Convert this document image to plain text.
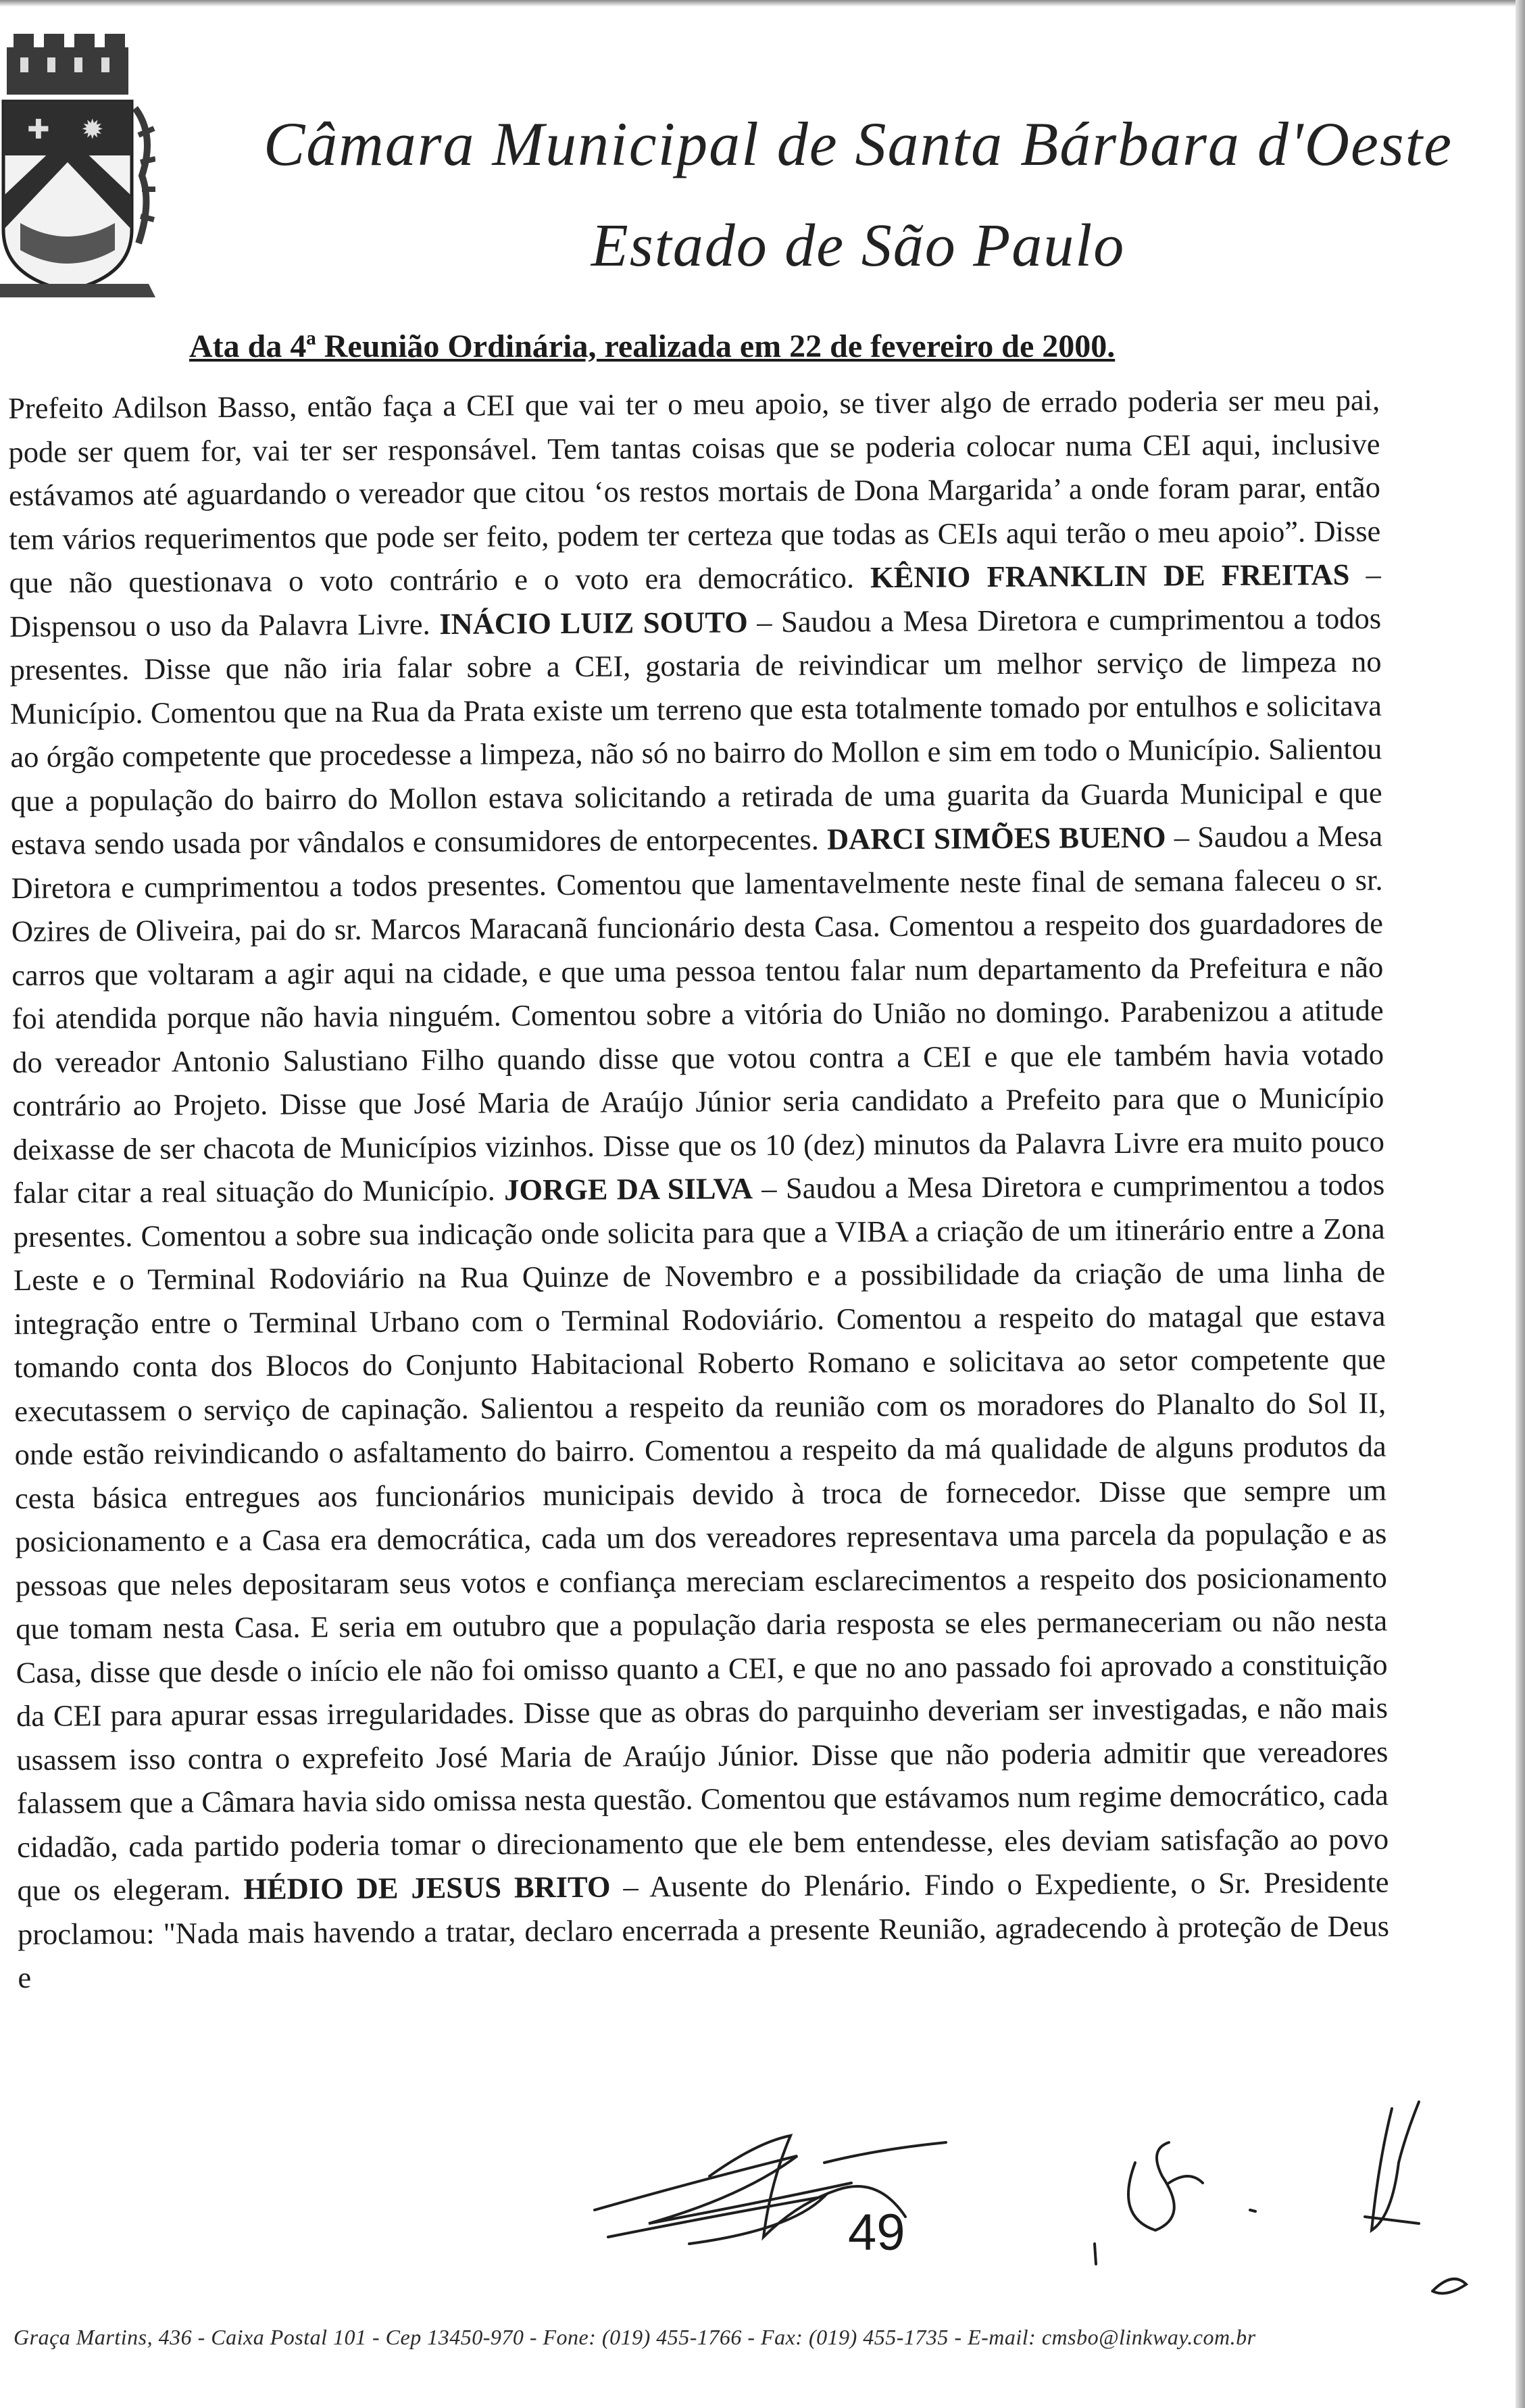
✚ ✹	Câmara Municipal de Santa Bárbara d'Oeste
Estado de São Paulo
Ata da 4ª Reunião Ordinária, realizada em 22 de fevereiro de 2000.

Prefeito Adilson Basso, então faça a CEI que vai ter o meu apoio, se tiver algo de errado poderia ser meu pai, pode ser quem for, vai ter ser responsável. Tem tantas coisas que se poderia colocar numa CEI aqui, inclusive estávamos até aguardando o vereador que citou ‘os restos mortais de Dona Margarida’ a onde foram parar, então tem vários requerimentos que pode ser feito, podem ter certeza que todas as CEIs aqui terão o meu apoio”. Disse que não questionava o voto contrário e o voto era democrático. KÊNIO FRANKLIN DE FREITAS – Dispensou o uso da Palavra Livre. INÁCIO LUIZ SOUTO – Saudou a Mesa Diretora e cumprimentou a todos presentes. Disse que não iria falar sobre a CEI, gostaria de reivindicar um melhor serviço de limpeza no Município. Comentou que na Rua da Prata existe um terreno que esta totalmente tomado por entulhos e solicitava ao órgão competente que procedesse a limpeza, não só no bairro do Mollon e sim em todo o Município. Salientou que a população do bairro do Mollon estava solicitando a retirada de uma guarita da Guarda Municipal e que estava sendo usada por vândalos e consumidores de entorpecentes. DARCI SIMÕES BUENO – Saudou a Mesa Diretora e cumprimentou a todos presentes. Comentou que lamentavelmente neste final de semana faleceu o sr. Ozires de Oliveira, pai do sr. Marcos Maracanã funcionário desta Casa. Comentou a respeito dos guardadores de carros que voltaram a agir aqui na cidade, e que uma pessoa tentou falar num departamento da Prefeitura e não foi atendida porque não havia ninguém. Comentou sobre a vitória do União no domingo. Parabenizou a atitude do vereador Antonio Salustiano Filho quando disse que votou contra a CEI e que ele também havia votado contrário ao Projeto. Disse que José Maria de Araújo Júnior seria candidato a Prefeito para que o Município deixasse de ser chacota de Municípios vizinhos. Disse que os 10 (dez) minutos da Palavra Livre era muito pouco falar citar a real situação do Município. JORGE DA SILVA – Saudou a Mesa Diretora e cumprimentou a todos presentes. Comentou a sobre sua indicação onde solicita para que a VIBA a criação de um itinerário entre a Zona Leste e o Terminal Rodoviário na Rua Quinze de Novembro e a possibilidade da criação de uma linha de integração entre o Terminal Urbano com o Terminal Rodoviário. Comentou a respeito do matagal que estava tomando conta dos Blocos do Conjunto Habitacional Roberto Romano e solicitava ao setor competente que executassem o serviço de capinação. Salientou a respeito da reunião com os moradores do Planalto do Sol II, onde estão reivindicando o asfaltamento do bairro. Comentou a respeito da má qualidade de alguns produtos da cesta básica entregues aos funcionários municipais devido à troca de fornecedor. Disse que sempre um posicionamento e a Casa era democrática, cada um dos vereadores representava uma parcela da população e as pessoas que neles depositaram seus votos e confiança mereciam esclarecimentos a respeito dos posicionamento que tomam nesta Casa. E seria em outubro que a população daria resposta se eles permaneceriam ou não nesta Casa, disse que desde o início ele não foi omisso quanto a CEI, e que no ano passado foi aprovado a constituição da CEI para apurar essas irregularidades. Disse que as obras do parquinho deveriam ser investigadas, e não mais usassem isso contra o exprefeito José Maria de Araújo Júnior. Disse que não poderia admitir que vereadores falassem que a Câmara havia sido omissa nesta questão. Comentou que estávamos num regime democrático, cada cidadão, cada partido poderia tomar o direcionamento que ele bem entendesse, eles deviam satisfação ao povo que os elegeram. HÉDIO DE JESUS BRITO – Ausente do Plenário. Findo o Expediente, o Sr. Presidente proclamou: "Nada mais havendo a tratar, declaro encerrada a presente Reunião, agradecendo à proteção de Deus e

49
Graça Martins, 436 - Caixa Postal 101 - Cep 13450-970 - Fone: (019) 455-1766 - Fax: (019) 455-1735 - E-mail: cmsbo@linkway.com.br
